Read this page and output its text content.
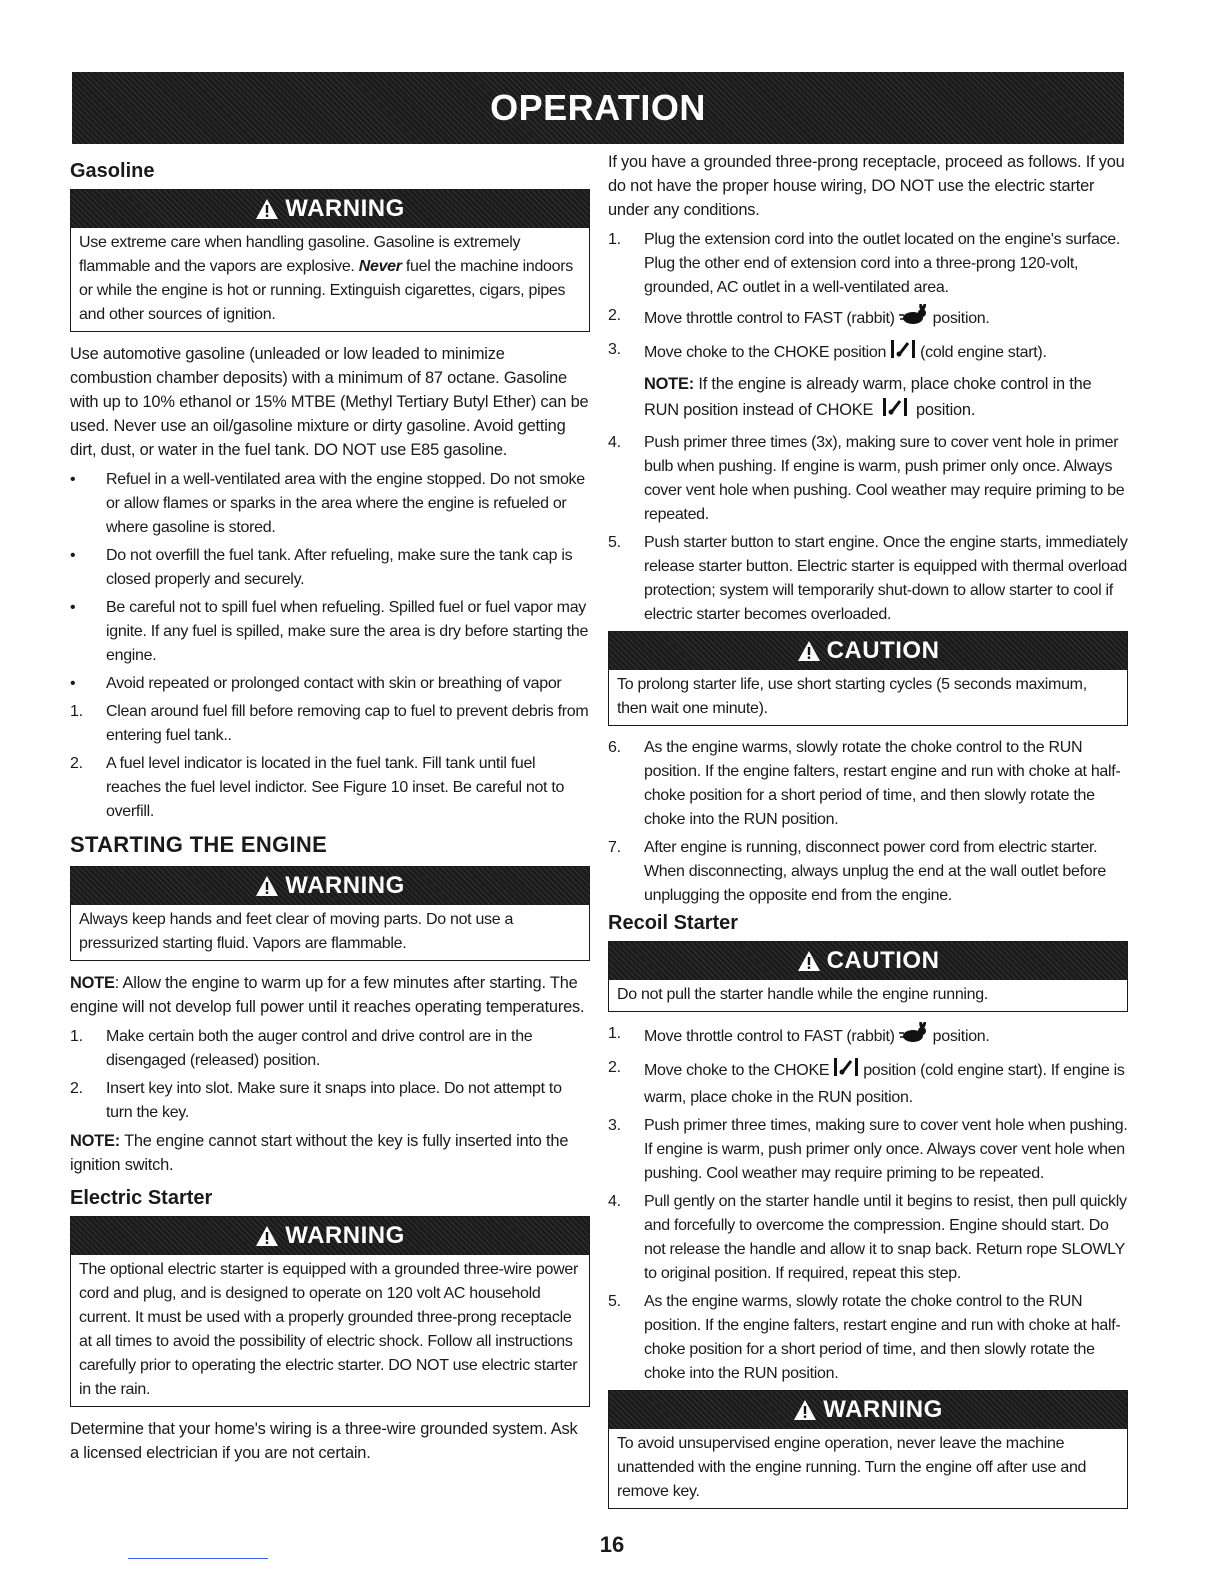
OPERATION
Gasoline
WARNING
Use extreme care when handling gasoline. Gasoline is extremely flammable and the vapors are explosive. Never fuel the machine indoors or while the engine is hot or running. Extinguish cigarettes, cigars, pipes and other sources of ignition.
Use automotive gasoline (unleaded or low leaded to minimize combustion chamber deposits) with a minimum of 87 octane. Gasoline with up to 10% ethanol or 15% MTBE (Methyl Tertiary Butyl Ether) can be used. Never use an oil/gasoline mixture or dirty gasoline. Avoid getting dirt, dust, or water in the fuel tank. DO NOT use E85 gasoline.
•	Refuel in a well-ventilated area with the engine stopped. Do not smoke or allow flames or sparks in the area where the engine is refueled or where gasoline is stored.
•	Do not overfill the fuel tank. After refueling, make sure the tank cap is closed properly and securely.
•	Be careful not to spill fuel when refueling. Spilled fuel or fuel vapor may ignite. If any fuel is spilled, make sure the area is dry before starting the engine.
•	Avoid repeated or prolonged contact with skin or breathing of vapor
1.	Clean around fuel fill before removing cap to fuel to prevent debris from entering fuel tank..
2.	A fuel level indicator is located in the fuel tank. Fill tank until fuel reaches the fuel level indictor. See Figure 10 inset. Be careful not to overfill.
STARTING THE ENGINE
WARNING
Always keep hands and feet clear of moving parts. Do not use a pressurized starting fluid. Vapors are flammable.
NOTE: Allow the engine to warm up for a few minutes after starting. The engine will not develop full power until it reaches operating temperatures.
1.	Make certain both the auger control and drive control are in the disengaged (released) position.
2.	Insert key into slot. Make sure it snaps into place. Do not attempt to turn the key.
NOTE: The engine cannot start without the key is fully inserted into the ignition switch.
Electric Starter
WARNING
The optional electric starter is equipped with a grounded three-wire power cord and plug, and is designed to operate on 120 volt AC household current. It must be used with a properly grounded three-prong receptacle at all times to avoid the possibility of electric shock. Follow all instructions carefully prior to operating the electric starter. DO NOT use electric starter in the rain.
Determine that your home's wiring is a three-wire grounded system. Ask a licensed electrician if you are not certain.
If you have a grounded three-prong receptacle, proceed as follows. If you do not have the proper house wiring, DO NOT use the electric starter under any conditions.
1.	Plug the extension cord into the outlet located on the engine's surface. Plug the other end of extension cord into a three-prong 120-volt, grounded, AC outlet in a well-ventilated area.
2.	Move throttle control to FAST (rabbit) position.
3.	Move choke to the CHOKE position (cold engine start).
NOTE: If the engine is already warm, place choke control in the RUN position instead of CHOKE	position.
4.	Push primer three times (3x), making sure to cover vent hole in primer bulb when pushing. If engine is warm, push primer only once. Always cover vent hole when pushing. Cool weather may require priming to be repeated.
5.	Push starter button to start engine. Once the engine starts, immediately release starter button. Electric starter is equipped with thermal overload protection; system will temporarily shut-down to allow starter to cool if electric starter becomes overloaded.
CAUTION
To prolong starter life, use short starting cycles (5 seconds maximum, then wait one minute).
6.	As the engine warms, slowly rotate the choke control to the RUN position. If the engine falters, restart engine and run with choke at half-choke position for a short period of time, and then slowly rotate the choke into the RUN position.
7.	After engine is running, disconnect power cord from electric starter. When disconnecting, always unplug the end at the wall outlet before unplugging the opposite end from the engine.
Recoil Starter
CAUTION
Do not pull the starter handle while the engine running.
1.	Move throttle control to FAST (rabbit) position.
2.	Move choke to the CHOKE position (cold engine start). If engine is warm, place choke in the RUN position.
3.	Push primer three times, making sure to cover vent hole when pushing. If engine is warm, push primer only once. Always cover vent hole when pushing. Cool weather may require priming to be repeated.
4.	Pull gently on the starter handle until it begins to resist, then pull quickly and forcefully to overcome the compression. Engine should start. Do not release the handle and allow it to snap back. Return rope SLOWLY to original position. If required, repeat this step.
5.	As the engine warms, slowly rotate the choke control to the RUN position. If the engine falters, restart engine and run with choke at half-choke position for a short period of time, and then slowly rotate the choke into the RUN position.
WARNING
To avoid unsupervised engine operation, never leave the machine unattended with the engine running. Turn the engine off after use and remove key.
16
